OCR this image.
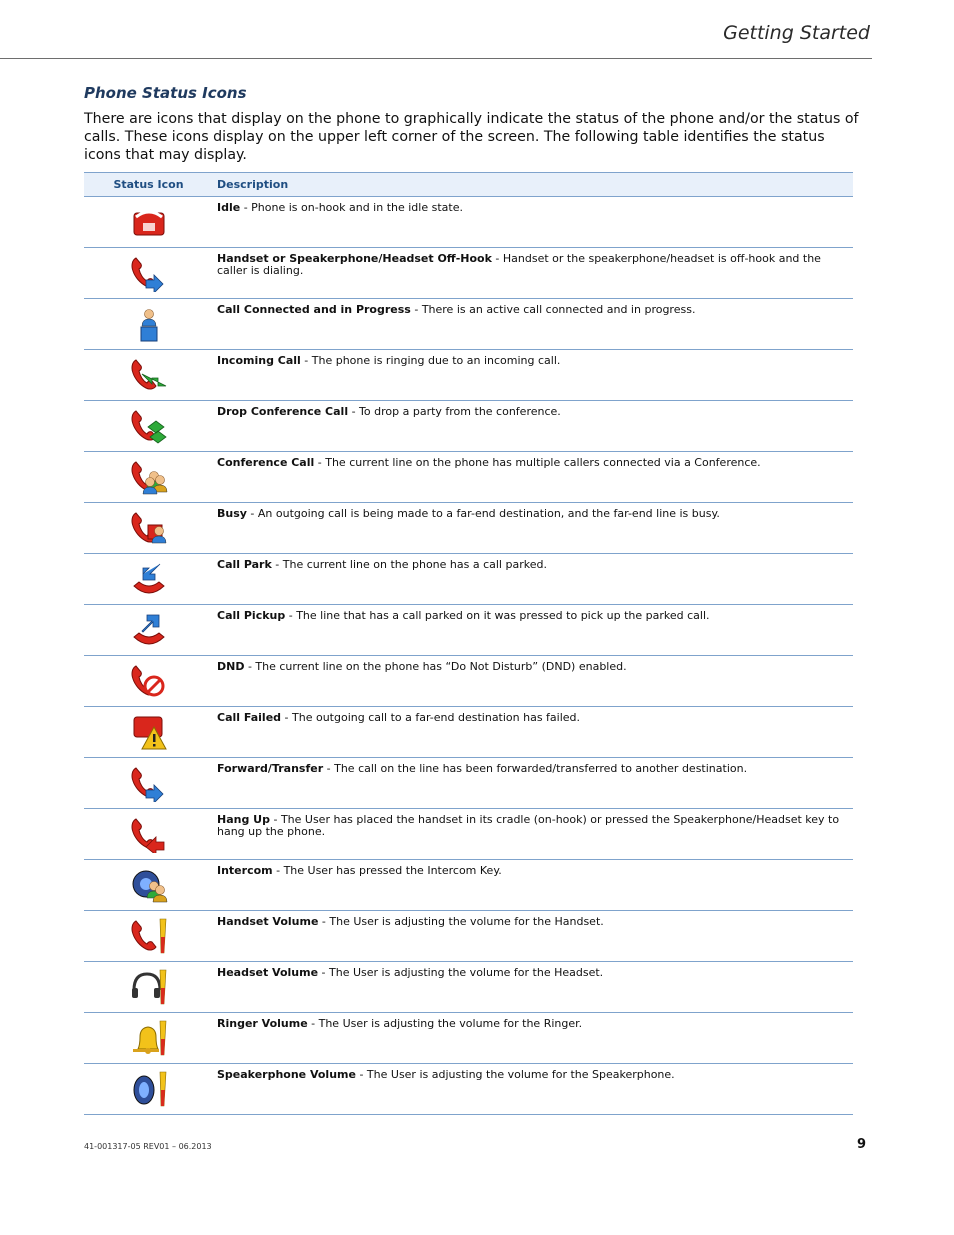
Getting Started
Phone Status Icons
There are icons that display on the phone to graphically indicate the status of the phone and/or the status of calls. These icons display on the upper left corner of the screen. The following table identifies the status icons that may display.
Status Icon	Description

	Idle - Phone is on-hook and in the idle state.

	Handset or Speakerphone/Headset Off-Hook - Handset or the speakerphone/headset is off-hook and the caller is dialing.

	Call Connected and in Progress - There is an active call connected and in progress.

	Incoming Call - The phone is ringing due to an incoming call.

	Drop Conference Call - To drop a party from the conference.

	Conference Call - The current line on the phone has multiple callers connected via a Conference.

	Busy - An outgoing call is being made to a far-end destination, and the far-end line is busy.

	Call Park - The current line on the phone has a call parked.

	Call Pickup - The line that has a call parked on it was pressed to pick up the parked call.

	DND - The current line on the phone has “Do Not Disturb” (DND) enabled.

	Call Failed - The outgoing call to a far-end destination has failed.

	Forward/Transfer - The call on the line has been forwarded/transferred to another destination.

	Hang Up - The User has placed the handset in its cradle (on-hook) or pressed the Speakerphone/Headset key to hang up the phone.

	Intercom - The User has pressed the Intercom Key.

	Handset Volume - The User is adjusting the volume for the Handset.

	Headset Volume - The User is adjusting the volume for the Headset.

	Ringer Volume - The User is adjusting the volume for the Ringer.

	Speakerphone Volume - The User is adjusting the volume for the Speakerphone.
41-001317-05 REV01 – 06.2013	9
